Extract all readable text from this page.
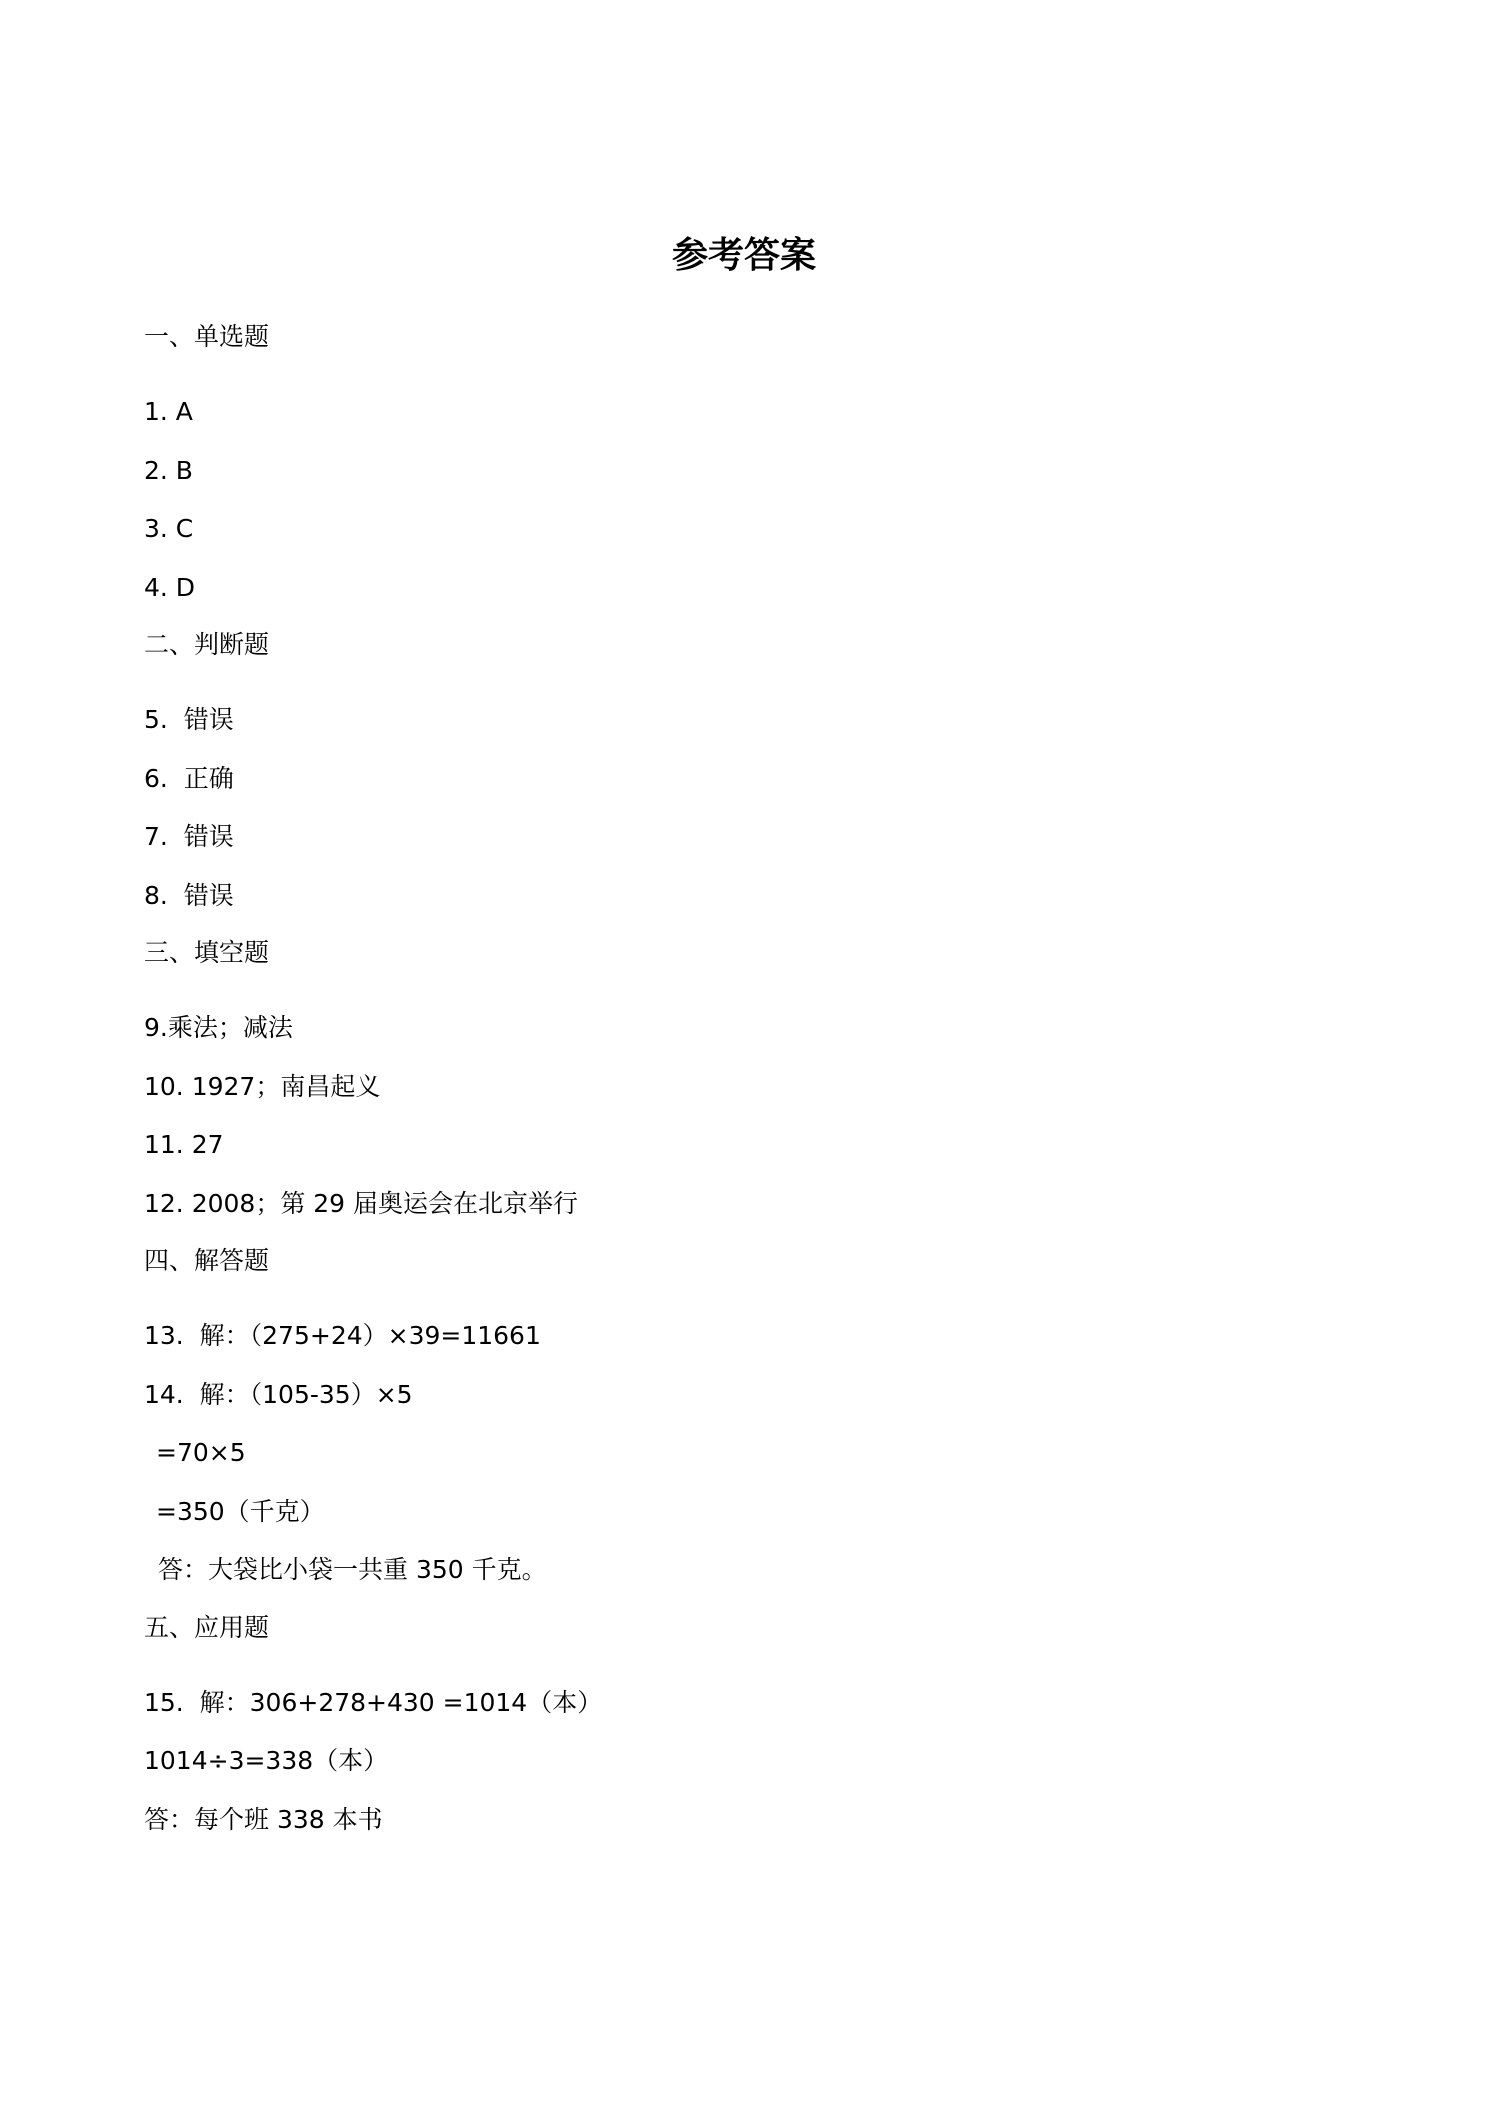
参考答案
一、单选题
1. A
2. B
3. C
4. D
二、判断题
5.  错误
6.  正确
7.  错误
8.  错误
三、填空题
9.乘法；减法
10. 1927；南昌起义
11. 27
12. 2008；第 29 届奥运会在北京举行
四、解答题
13.  解：（275+24）×39=11661
14.  解：（105-35）×5
=70×5
=350（千克）
答：大袋比小袋一共重 350 千克。
五、应用题
15.  解：306+278+430 =1014（本）
1014÷3=338（本）
答：每个班 338 本书
